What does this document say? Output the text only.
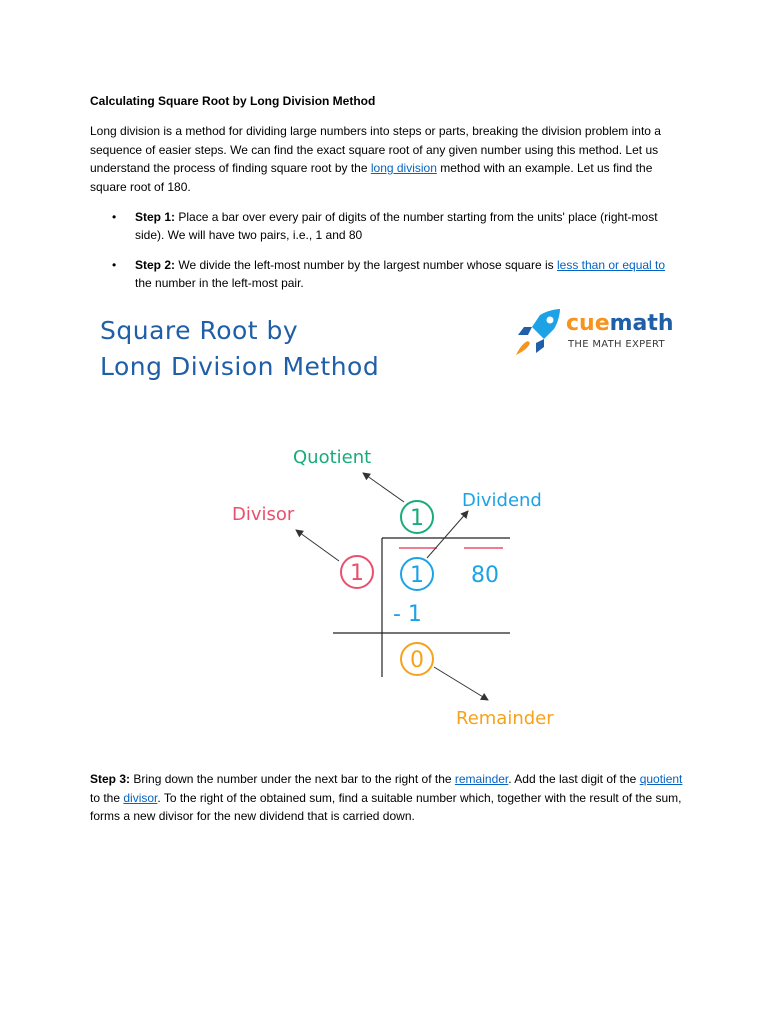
Calculating Square Root by Long Division Method
Long division is a method for dividing large numbers into steps or parts, breaking the division problem into a sequence of easier steps. We can find the exact square root of any given number using this method. Let us understand the process of finding square root by the long division method with an example. Let us find the square root of 180.
• Step 1: Place a bar over every pair of digits of the number starting from the units' place (right-most side). We will have two pairs, i.e., 1 and 80
• Step 2: We divide the left-most number by the largest number whose square is less than or equal to the number in the left-most pair.
Square Root by
Long Division Method
cuemath
THE MATH EXPERT
1
1 1 80
- 1
0
Quotient
Dividend
Divisor
Remainder
Step 3: Bring down the number under the next bar to the right of the remainder. Add the last digit of the quotient to the divisor. To the right of the obtained sum, find a suitable number which, together with the result of the sum, forms a new divisor for the new dividend that is carried down.
